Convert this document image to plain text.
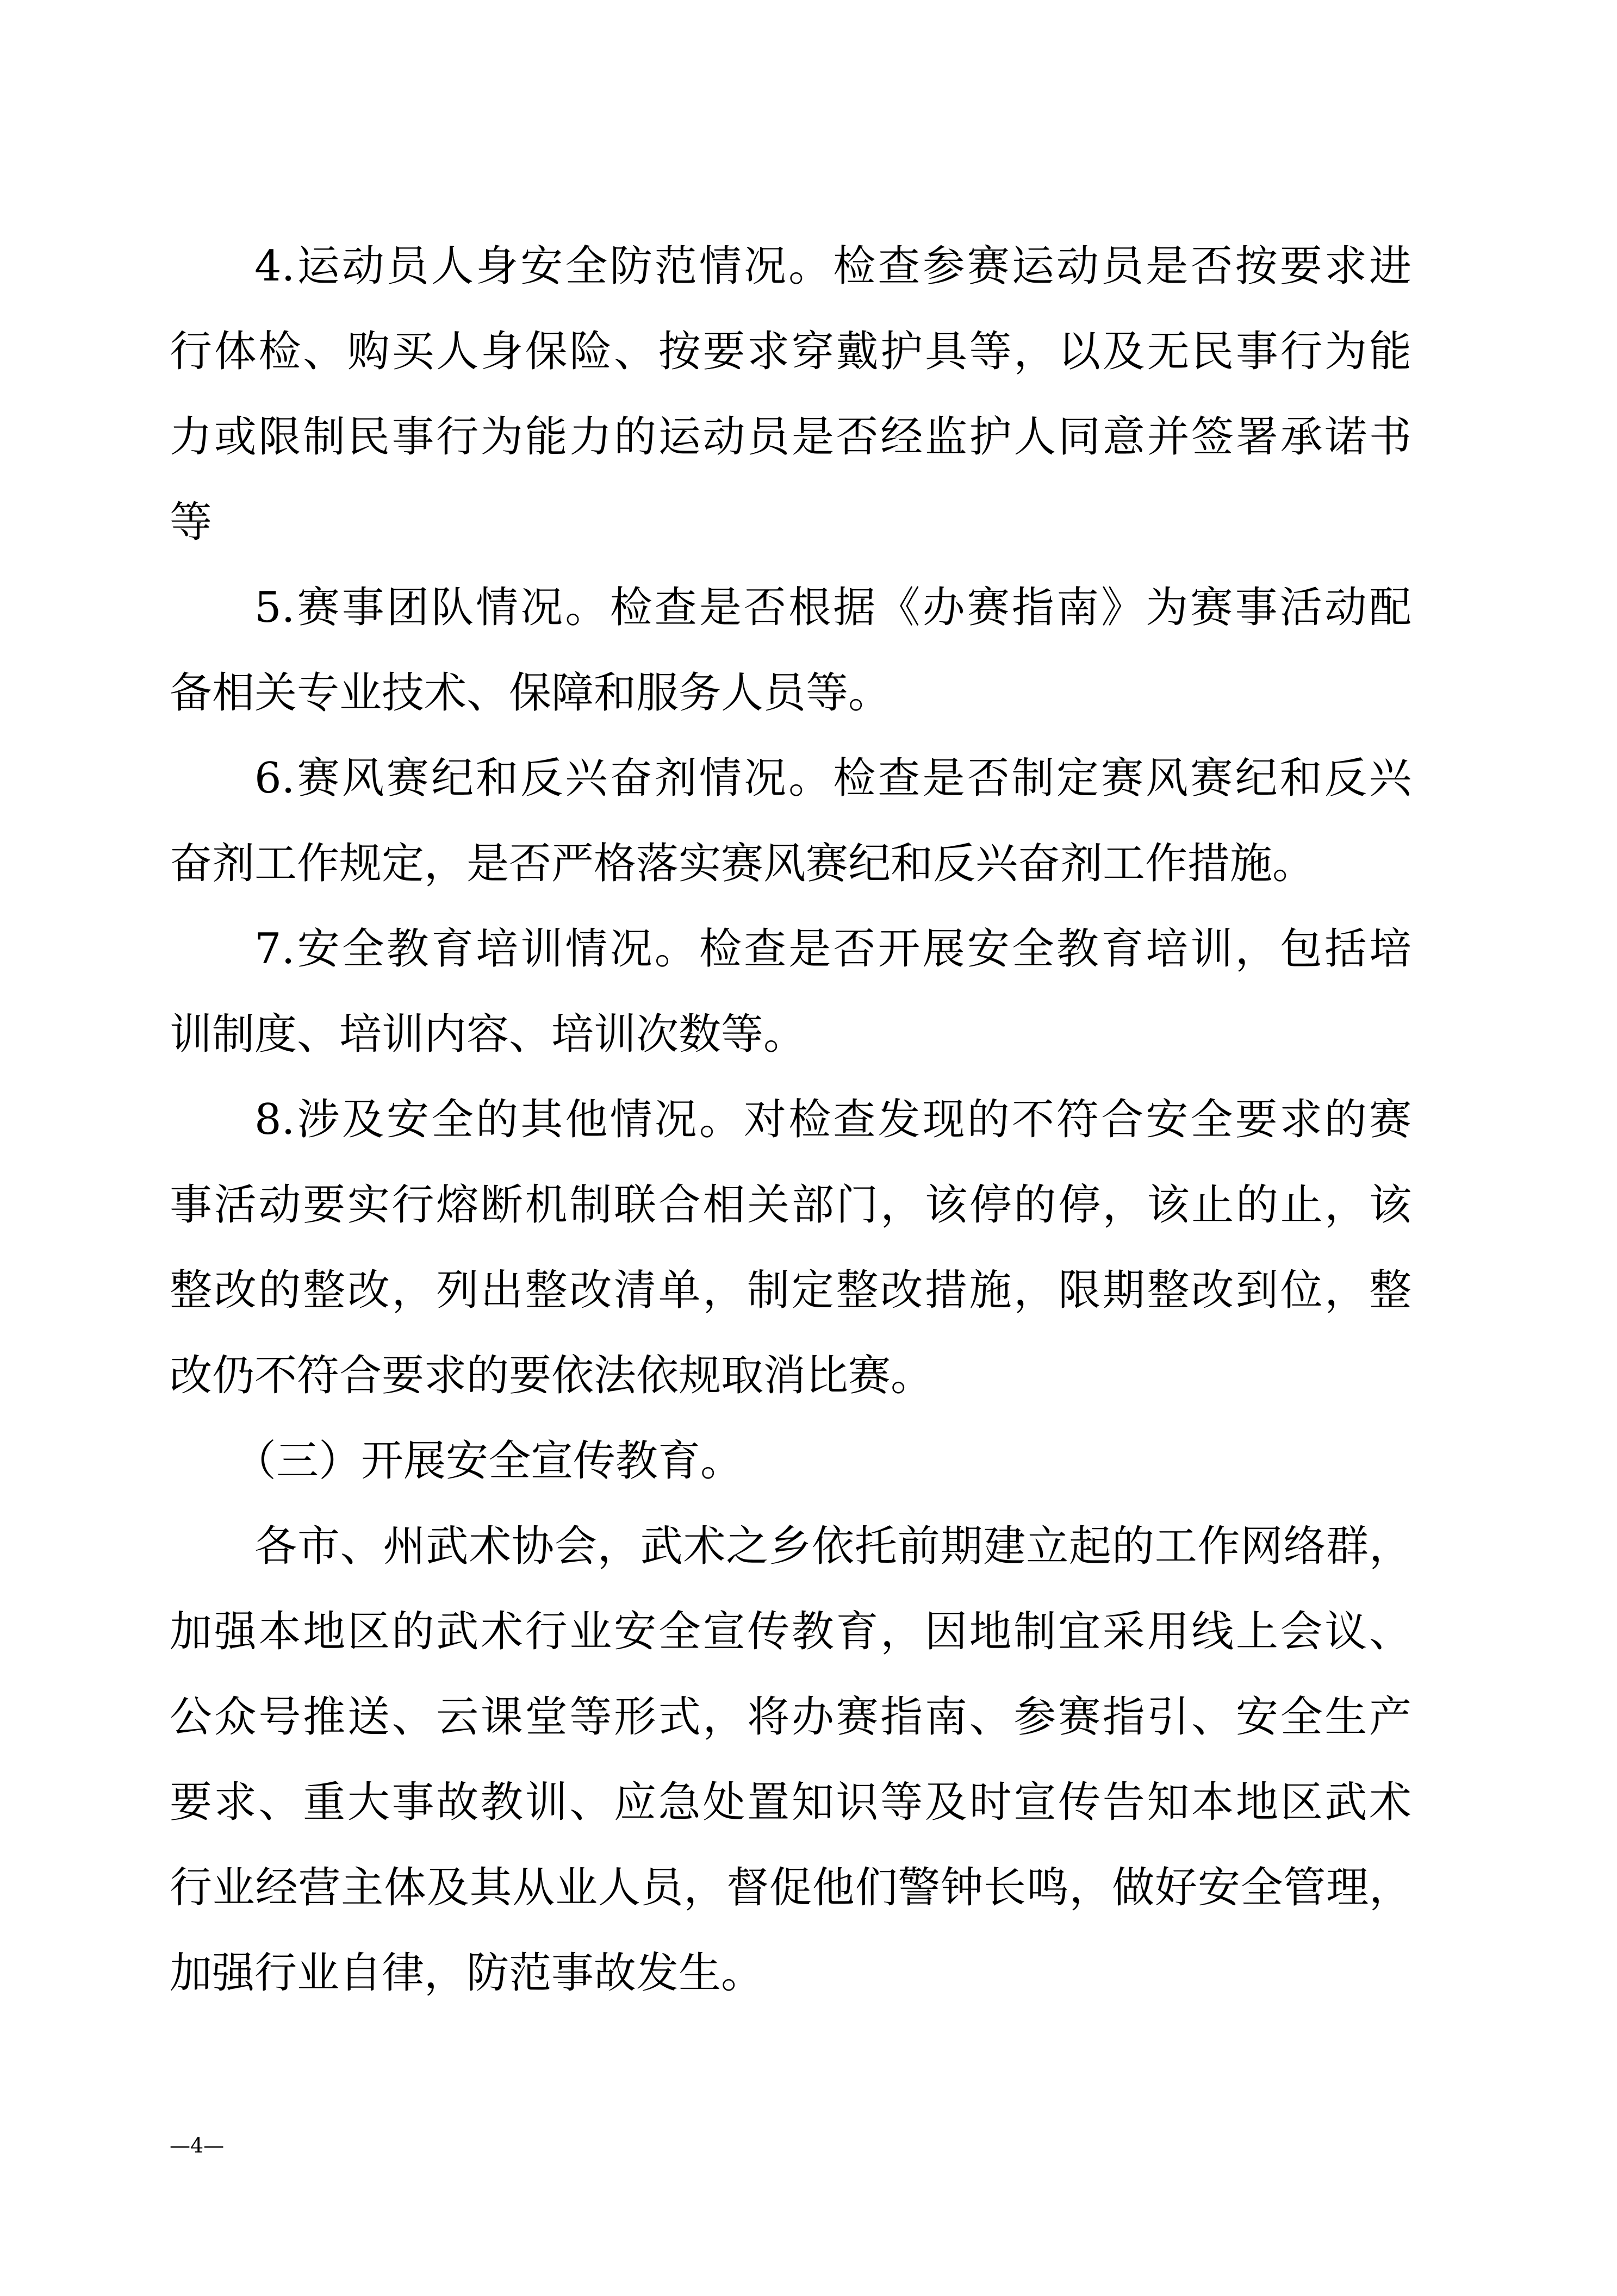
4.运动员人身安全防范情况。检查参赛运动员是否按要求进
行体检、购买人身保险、按要求穿戴护具等，以及无民事行为能
力或限制民事行为能力的运动员是否经监护人同意并签署承诺书
等
5.赛事团队情况。检查是否根据《办赛指南》为赛事活动配
备相关专业技术、保障和服务人员等。
6.赛风赛纪和反兴奋剂情况。检查是否制定赛风赛纪和反兴
奋剂工作规定，是否严格落实赛风赛纪和反兴奋剂工作措施。
7.安全教育培训情况。检查是否开展安全教育培训，包括培
训制度、培训内容、培训次数等。
8.涉及安全的其他情况。对检查发现的不符合安全要求的赛
事活动要实行熔断机制联合相关部门，该停的停，该止的止，该
整改的整改，列出整改清单，制定整改措施，限期整改到位，整
改仍不符合要求的要依法依规取消比赛。
（三）开展安全宣传教育。
各市、州武术协会，武术之乡依托前期建立起的工作网络群，
加强本地区的武术行业安全宣传教育，因地制宜采用线上会议、
公众号推送、云课堂等形式，将办赛指南、参赛指引、安全生产
要求、重大事故教训、应急处置知识等及时宣传告知本地区武术
行业经营主体及其从业人员，督促他们警钟长鸣，做好安全管理，
加强行业自律，防范事故发生。
—4—
